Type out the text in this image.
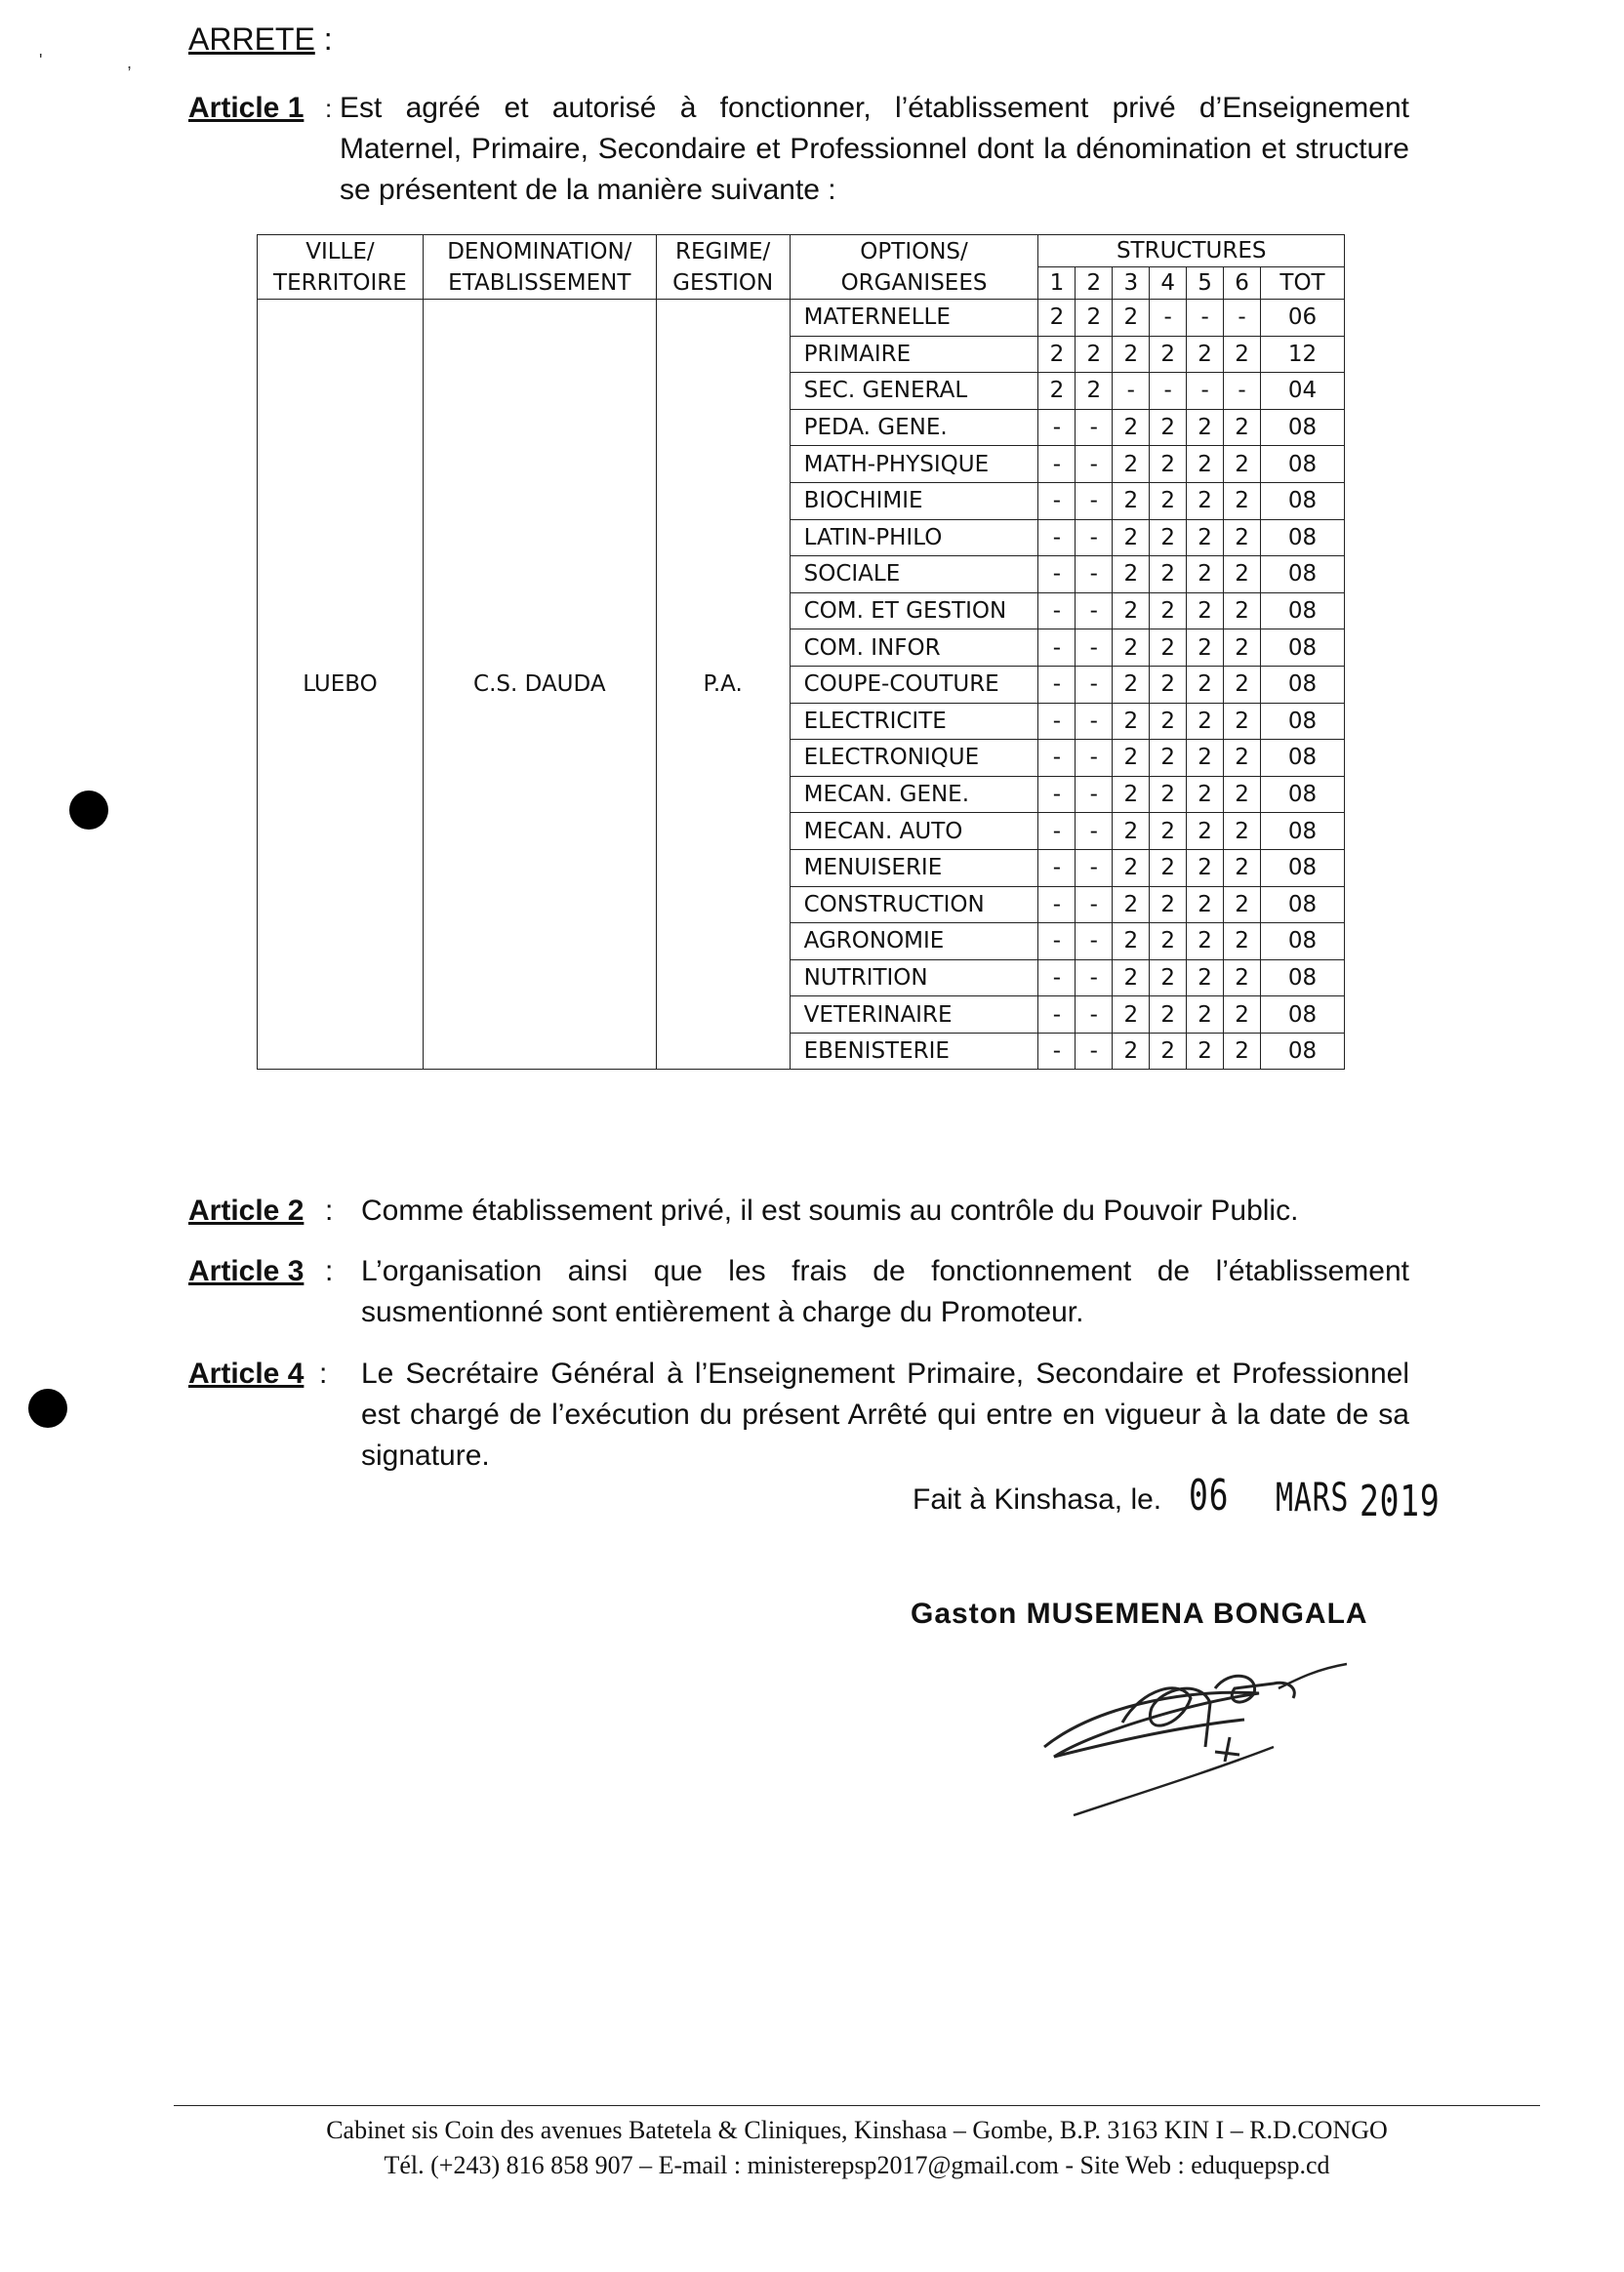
'	,
ARRETE :
Article 1 : Est agréé et autorisé à fonctionner, l’établissement privé d’Enseignement Maternel, Primaire, Secondaire et Professionnel dont la dénomination et structure se présentent de la manière suivante :
VILLE/ TERRITOIRE	DENOMINATION/ ETABLISSEMENT	REGIME/ GESTION	OPTIONS/ ORGANISEES	STRUCTURES						
				1	2	3	4	5	6	TOT
LUEBO	C.S. DAUDA	P.A.	MATERNELLE	2	2	2	-	-	-	06
			PRIMAIRE	2	2	2	2	2	2	12
			SEC. GENERAL	2	2	-	-	-	-	04
			PEDA. GENE.	-	-	2	2	2	2	08
			MATH-PHYSIQUE	-	-	2	2	2	2	08
			BIOCHIMIE	-	-	2	2	2	2	08
			LATIN-PHILO	-	-	2	2	2	2	08
			SOCIALE	-	-	2	2	2	2	08
			COM. ET GESTION	-	-	2	2	2	2	08
			COM. INFOR	-	-	2	2	2	2	08
			COUPE-COUTURE	-	-	2	2	2	2	08
			ELECTRICITE	-	-	2	2	2	2	08
			ELECTRONIQUE	-	-	2	2	2	2	08
			MECAN. GENE.	-	-	2	2	2	2	08
			MECAN. AUTO	-	-	2	2	2	2	08
			MENUISERIE	-	-	2	2	2	2	08
			CONSTRUCTION	-	-	2	2	2	2	08
			AGRONOMIE	-	-	2	2	2	2	08
			NUTRITION	-	-	2	2	2	2	08
			VETERINAIRE	-	-	2	2	2	2	08
			EBENISTERIE	-	-	2	2	2	2	08
Article 2 : Comme établissement privé, il est soumis au contrôle du Pouvoir Public.
Article 3 : L’organisation ainsi que les frais de fonctionnement de l’établissement susmentionné sont entièrement à charge du Promoteur.
Article 4 : Le Secrétaire Général à l’Enseignement Primaire, Secondaire et Professionnel est chargé de l’exécution du présent Arrêté qui entre en vigueur à la date de sa signature.
Fait à Kinshasa, le. 06 MARS 2019
Gaston MUSEMENA BONGALA
Cabinet sis Coin des avenues Batetela & Cliniques, Kinshasa – Gombe, B.P. 3163 KIN I – R.D.CONGO
Tél. (+243) 816 858 907 – E-mail : ministerepsp2017@gmail.com - Site Web : eduquepsp.cd
